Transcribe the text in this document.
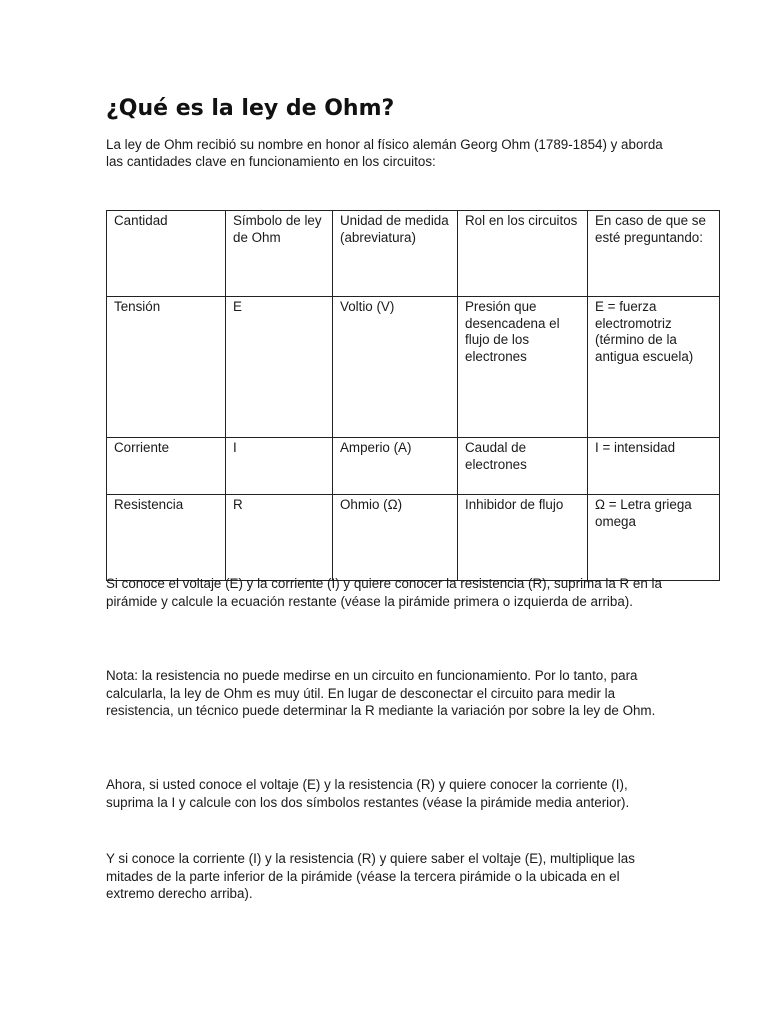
¿Qué es la ley de Ohm?

La ley de Ohm recibió su nombre en honor al físico alemán Georg Ohm (1789-1854) y aborda las cantidades clave en funcionamiento en los circuitos:

Cantidad	Símbolo de ley de Ohm	Unidad de medida (abreviatura)	Rol en los circuitos	En caso de que se esté preguntando:
Tensión	E	Voltio (V)	Presión que desencadena el flujo de los electrones	E = fuerza electromotriz (término de la antigua escuela)
Corriente	I	Amperio (A)	Caudal de electrones	I = intensidad
Resistencia	R	Ohmio (Ω)	Inhibidor de flujo	Ω = Letra griega omega

Si conoce el voltaje (E) y la corriente (I) y quiere conocer la resistencia (R), suprima la R en la pirámide y calcule la ecuación restante (véase la pirámide primera o izquierda de arriba).

Nota: la resistencia no puede medirse en un circuito en funcionamiento. Por lo tanto, para calcularla, la ley de Ohm es muy útil. En lugar de desconectar el circuito para medir la resistencia, un técnico puede determinar la R mediante la variación por sobre la ley de Ohm.

Ahora, si usted conoce el voltaje (E) y la resistencia (R) y quiere conocer la corriente (I), suprima la I y calcule con los dos símbolos restantes (véase la pirámide media anterior).

Y si conoce la corriente (I) y la resistencia (R) y quiere saber el voltaje (E), multiplique las mitades de la parte inferior de la pirámide (véase la tercera pirámide o la ubicada en el extremo derecho arriba).
